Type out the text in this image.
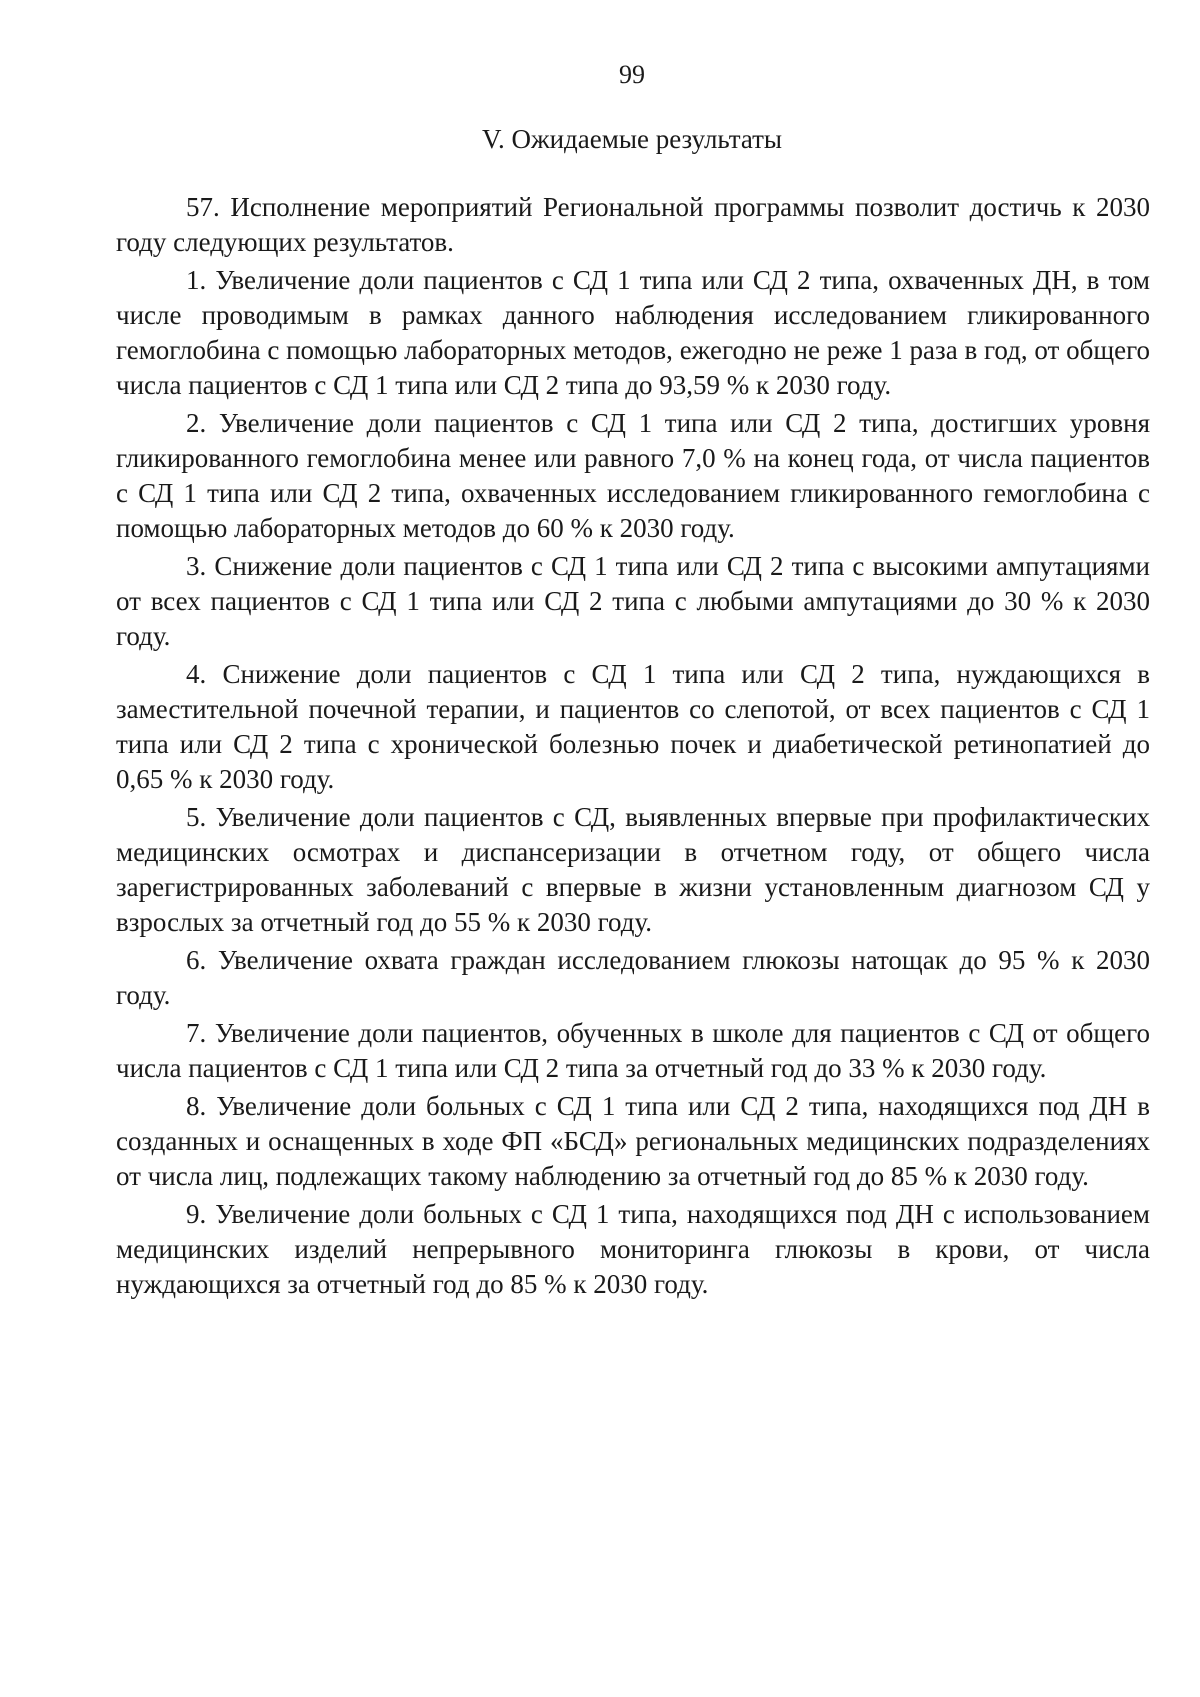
99
V. Ожидаемые результаты

57. Исполнение мероприятий Региональной программы позволит достичь к 2030 году следующих результатов.

1. Увеличение доли пациентов с СД 1 типа или СД 2 типа, охваченных ДН, в том числе проводимым в рамках данного наблюдения исследованием гликированного гемоглобина с помощью лабораторных методов, ежегодно не реже 1 раза в год, от общего числа пациентов с СД 1 типа или СД 2 типа до 93,59 % к 2030 году.

2. Увеличение доли пациентов с СД 1 типа или СД 2 типа, достигших уровня гликированного гемоглобина менее или равного 7,0 % на конец года, от числа пациентов с СД 1 типа или СД 2 типа, охваченных исследованием гликированного гемоглобина с помощью лабораторных методов до 60 % к 2030 году.

3. Снижение доли пациентов с СД 1 типа или СД 2 типа с высокими ампутациями от всех пациентов с СД 1 типа или СД 2 типа с любыми ампутациями до 30 % к 2030 году.

4. Снижение доли пациентов с СД 1 типа или СД 2 типа, нуждающихся в заместительной почечной терапии, и пациентов со слепотой, от всех пациентов с СД 1 типа или СД 2 типа с хронической болезнью почек и диабетической ретинопатией до 0,65 % к 2030 году.

5. Увеличение доли пациентов с СД, выявленных впервые при профилактических медицинских осмотрах и диспансеризации в отчетном году, от общего числа зарегистрированных заболеваний с впервые в жизни установленным диагнозом СД у взрослых за отчетный год до 55 % к 2030 году.

6. Увеличение охвата граждан исследованием глюкозы натощак до 95 % к 2030 году.

7. Увеличение доли пациентов, обученных в школе для пациентов с СД от общего числа пациентов с СД 1 типа или СД 2 типа за отчетный год до 33 % к 2030 году.

8. Увеличение доли больных с СД 1 типа или СД 2 типа, находящихся под ДН в созданных и оснащенных в ходе ФП «БСД» региональных медицинских подразделениях от числа лиц, подлежащих такому наблюдению за отчетный год до 85 % к 2030 году.

9. Увеличение доли больных с СД 1 типа, находящихся под ДН с использованием медицинских изделий непрерывного мониторинга глюкозы в крови, от числа нуждающихся за отчетный год до 85 % к 2030 году.
